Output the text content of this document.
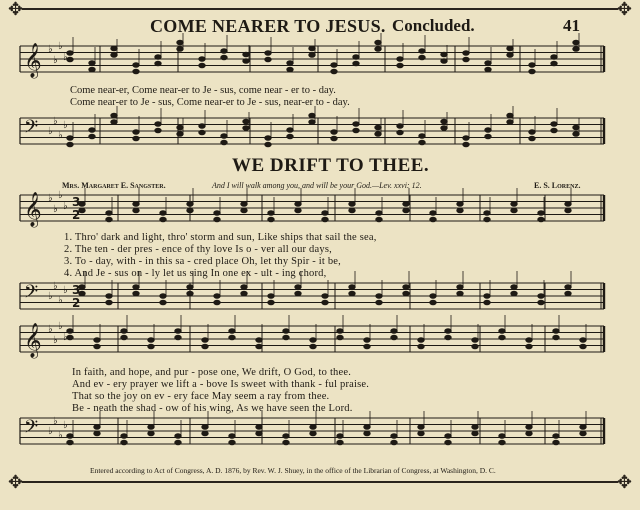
✥	✥
✥	✥
COME NEARER TO JESUS. Concluded.	41
𝄞 ♭
♭
♭
♭
𝄢 ♭
♭
♭
♭
𝄞 ♭
♭
♭
♭ 3
2
𝄢 ♭
♭
♭
♭ 3
2
𝄞 ♭
♭
♭
♭
𝄢 ♭
♭
♭
♭
Come near-er, Come near-er to Je - sus, come near - er to - day.
Come near-er to Je - sus, Come near-er to Je - sus, near-er to - day.
WE DRIFT TO THEE.
Mrs. Margaret E. Sangster.	And I will walk among you, and will be your God.—Lev. xxvi: 12.	E. S. Lorenz.
1. Thro' dark and light, thro' storm and sun, Like ships that sail the sea,
2. The ten - der pres - ence of thy love Is o - ver all our days,
3. To - day, with - in this sa - cred place Oh, let thy Spir - it be,
4. And Je - sus on - ly let us sing In one ex - ult - ing chord,
In faith, and hope, and pur - pose one, We drift, O God, to thee.
And ev - ery prayer we lift a - bove Is sweet with thank - ful praise.
That so the joy on ev - ery face May seem a ray from thee.
Be - neath the shad - ow of his wing, As we have seen the Lord.
Entered according to Act of Congress, A. D. 1876, by Rev. W. J. Shuey, in the office of the Librarian of Congress, at Washington, D. C.
